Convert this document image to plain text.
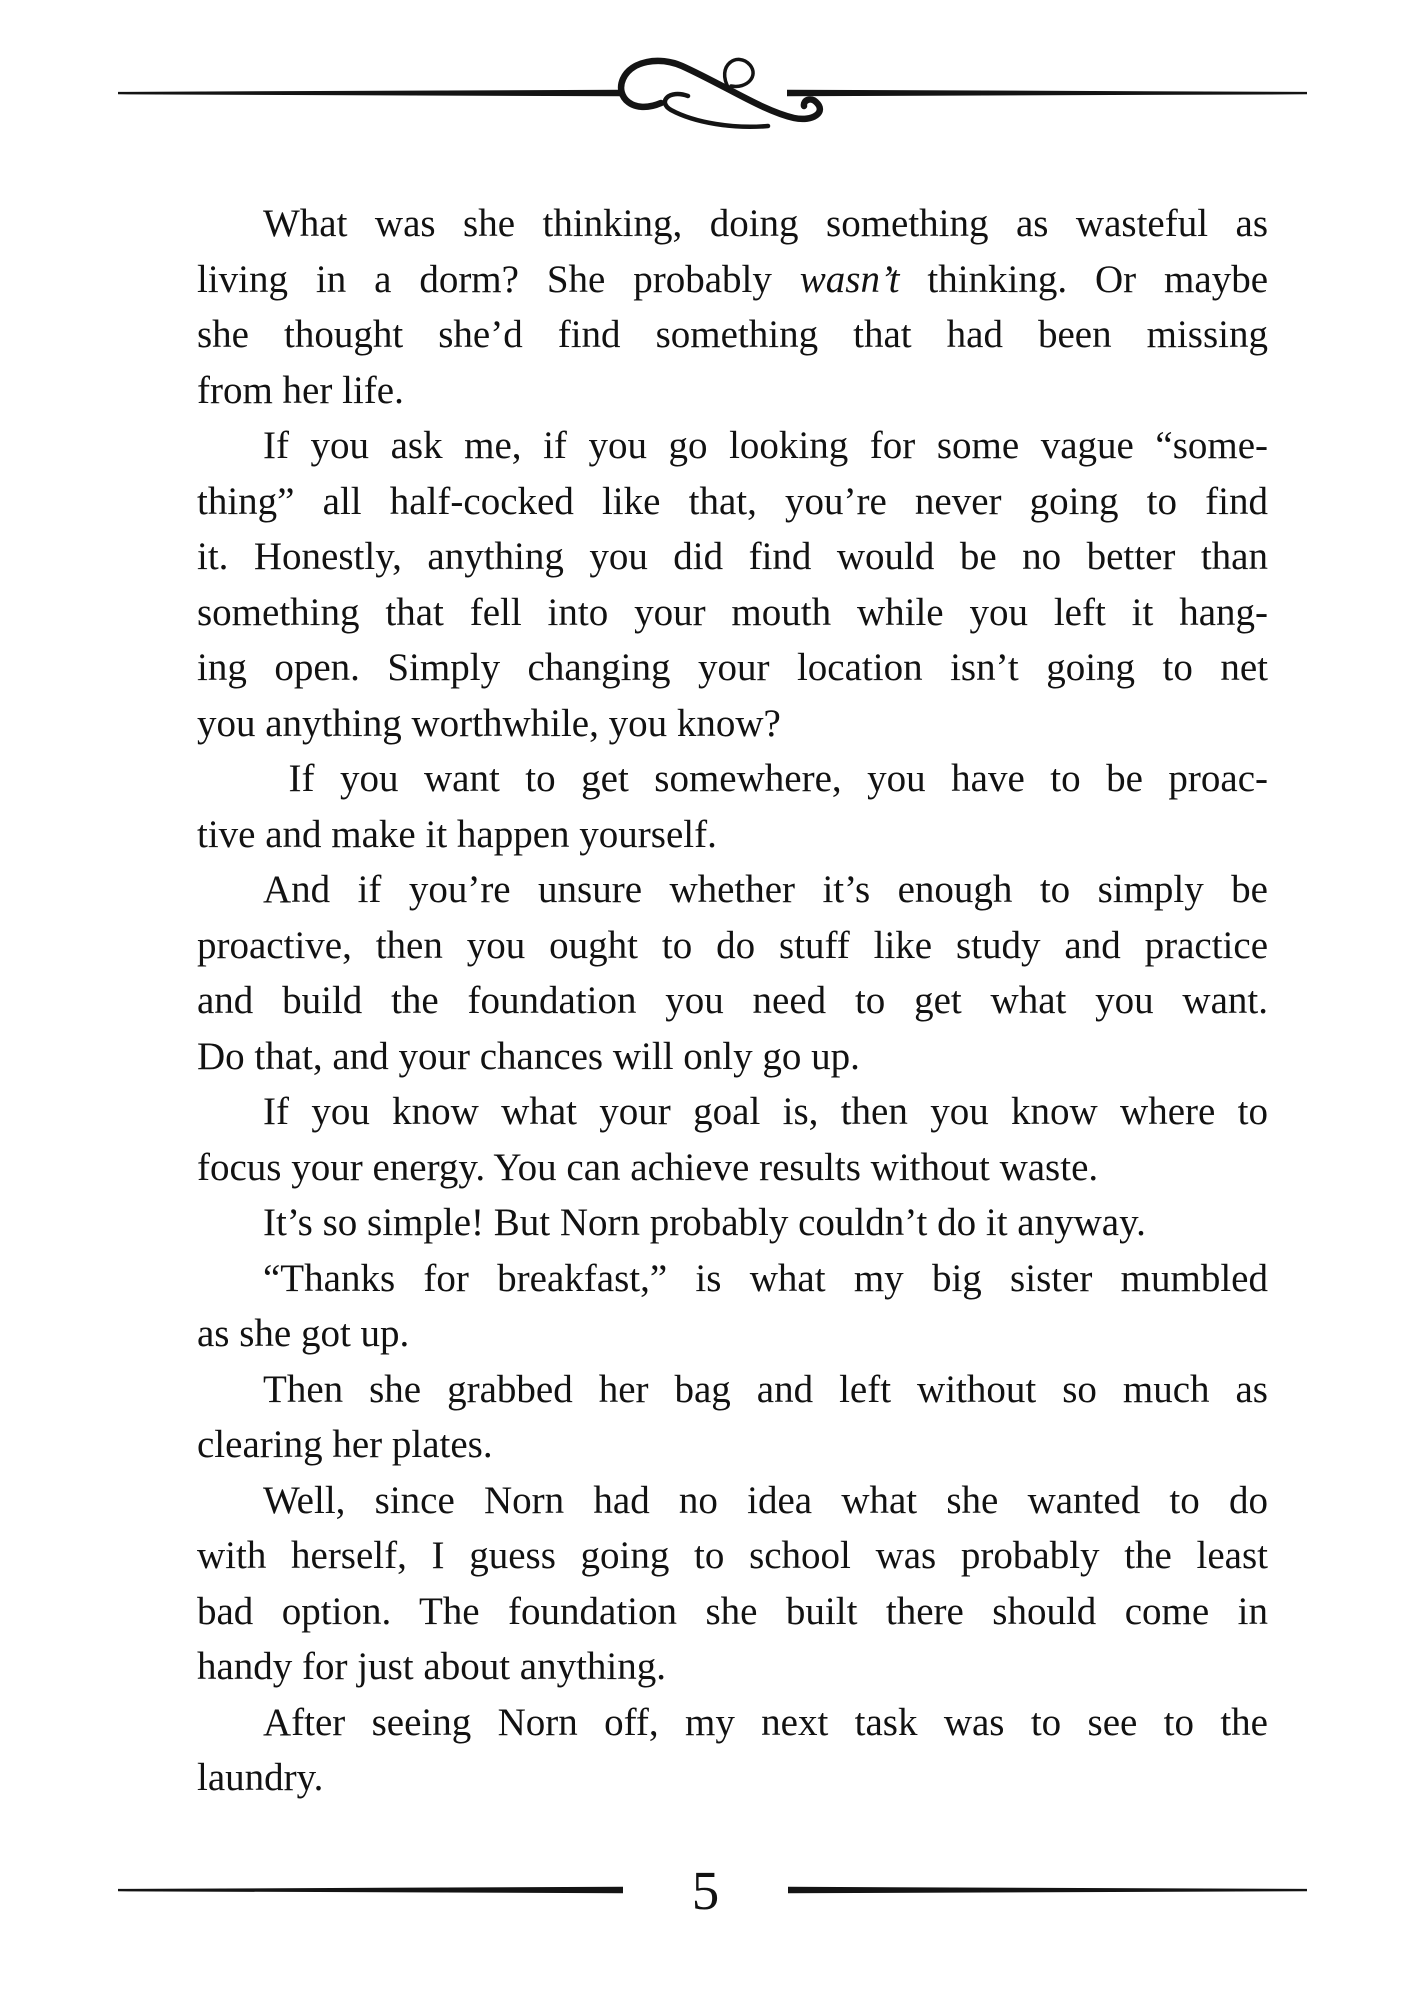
What was she thinking, doing something as wasteful as
living in a dorm? She probably wasn’t thinking. Or maybe
she thought she’d find something that had been missing
from her life.
If you ask me, if you go looking for some vague “some-
thing” all half-cocked like that, you’re never going to find
it. Honestly, anything you did find would be no better than
something that fell into your mouth while you left it hang-
ing open. Simply changing your location isn’t going to net
you anything worthwhile, you know?
If you want to get somewhere, you have to be proac-
tive and make it happen yourself.
And if you’re unsure whether it’s enough to simply be
proactive, then you ought to do stuff like study and practice
and build the foundation you need to get what you want.
Do that, and your chances will only go up.
If you know what your goal is, then you know where to
focus your energy. You can achieve results without waste.
It’s so simple! But Norn probably couldn’t do it anyway.
“Thanks for breakfast,” is what my big sister mumbled
as she got up.
Then she grabbed her bag and left without so much as
clearing her plates.
Well, since Norn had no idea what she wanted to do
with herself, I guess going to school was probably the least
bad option. The foundation she built there should come in
handy for just about anything.
After seeing Norn off, my next task was to see to the
laundry.
5
